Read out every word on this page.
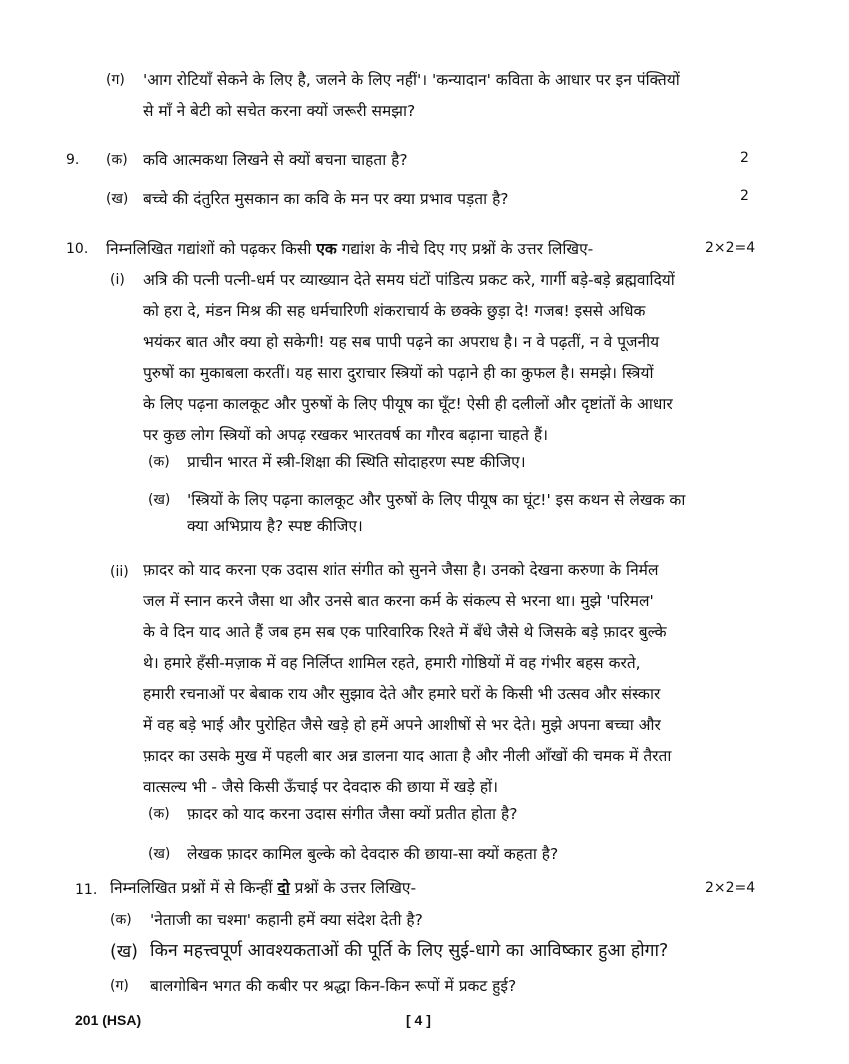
(ग) 'आग रोटियाँ सेकने के लिए है, जलने के लिए नहीं'। 'कन्यादान' कविता के आधार पर इन पंक्तियों
से माँ ने बेटी को सचेत करना क्यों जरूरी समझा?
9. (क) कवि आत्मकथा लिखने से क्यों बचना चाहता है?	2
(ख) बच्चे की दंतुरित मुसकान का कवि के मन पर क्या प्रभाव पड़ता है?	2
10. निम्नलिखित गद्यांशों को पढ़कर किसी एक गद्यांश के नीचे दिए गए प्रश्नों के उत्तर लिखिए-	2×2=4
(i) अत्रि की पत्नी पत्नी-धर्म पर व्याख्यान देते समय घंटों पांडित्य प्रकट करे, गार्गी बड़े-बड़े ब्रह्मवादियों
को हरा दे, मंडन मिश्र की सह धर्मचारिणी शंकराचार्य के छक्के छुड़ा दे! गजब! इससे अधिक
भयंकर बात और क्या हो सकेगी! यह सब पापी पढ़ने का अपराध है। न वे पढ़तीं, न वे पूजनीय
पुरुषों का मुकाबला करतीं। यह सारा दुराचार स्त्रियों को पढ़ाने ही का कुफल है। समझे। स्त्रियों
के लिए पढ़ना कालकूट और पुरुषों के लिए पीयूष का घूँट! ऐसी ही दलीलों और दृष्टांतों के आधार
पर कुछ लोग स्त्रियों को अपढ़ रखकर भारतवर्ष का गौरव बढ़ाना चाहते हैं।
(क) प्राचीन भारत में स्त्री-शिक्षा की स्थिति सोदाहरण स्पष्ट कीजिए।
(ख) 'स्त्रियों के लिए पढ़ना कालकूट और पुरुषों के लिए पीयूष का घूंट!' इस कथन से लेखक का
क्या अभिप्राय है? स्पष्ट कीजिए।
(ii) फ़ादर को याद करना एक उदास शांत संगीत को सुनने जैसा है। उनको देखना करुणा के निर्मल
जल में स्नान करने जैसा था और उनसे बात करना कर्म के संकल्प से भरना था। मुझे 'परिमल'
के वे दिन याद आते हैं जब हम सब एक पारिवारिक रिश्ते में बँधे जैसे थे जिसके बड़े फ़ादर बुल्के
थे। हमारे हँसी-मज़ाक में वह निर्लिप्त शामिल रहते, हमारी गोष्ठियों में वह गंभीर बहस करते,
हमारी रचनाओं पर बेबाक राय और सुझाव देते और हमारे घरों के किसी भी उत्सव और संस्कार
में वह बड़े भाई और पुरोहित जैसे खड़े हो हमें अपने आशीषों से भर देते। मुझे अपना बच्चा और
फ़ादर का उसके मुख में पहली बार अन्न डालना याद आता है और नीली आँखों की चमक में तैरता
वात्सल्य भी - जैसे किसी ऊँचाई पर देवदारु की छाया में खड़े हों।
(क) फ़ादर को याद करना उदास संगीत जैसा क्यों प्रतीत होता है?
(ख) लेखक फ़ादर कामिल बुल्के को देवदारु की छाया-सा क्यों कहता है?
11. निम्नलिखित प्रश्नों में से किन्हीं दो प्रश्नों के उत्तर लिखिए-	2×2=4
(क) 'नेताजी का चश्मा' कहानी हमें क्या संदेश देती है?
(ख) किन महत्त्वपूर्ण आवश्यकताओं की पूर्ति के लिए सुई-धागे का आविष्कार हुआ होगा?
(ग) बालगोबिन भगत की कबीर पर श्रद्धा किन-किन रूपों में प्रकट हुई?
201 (HSA)	[ 4 ]
